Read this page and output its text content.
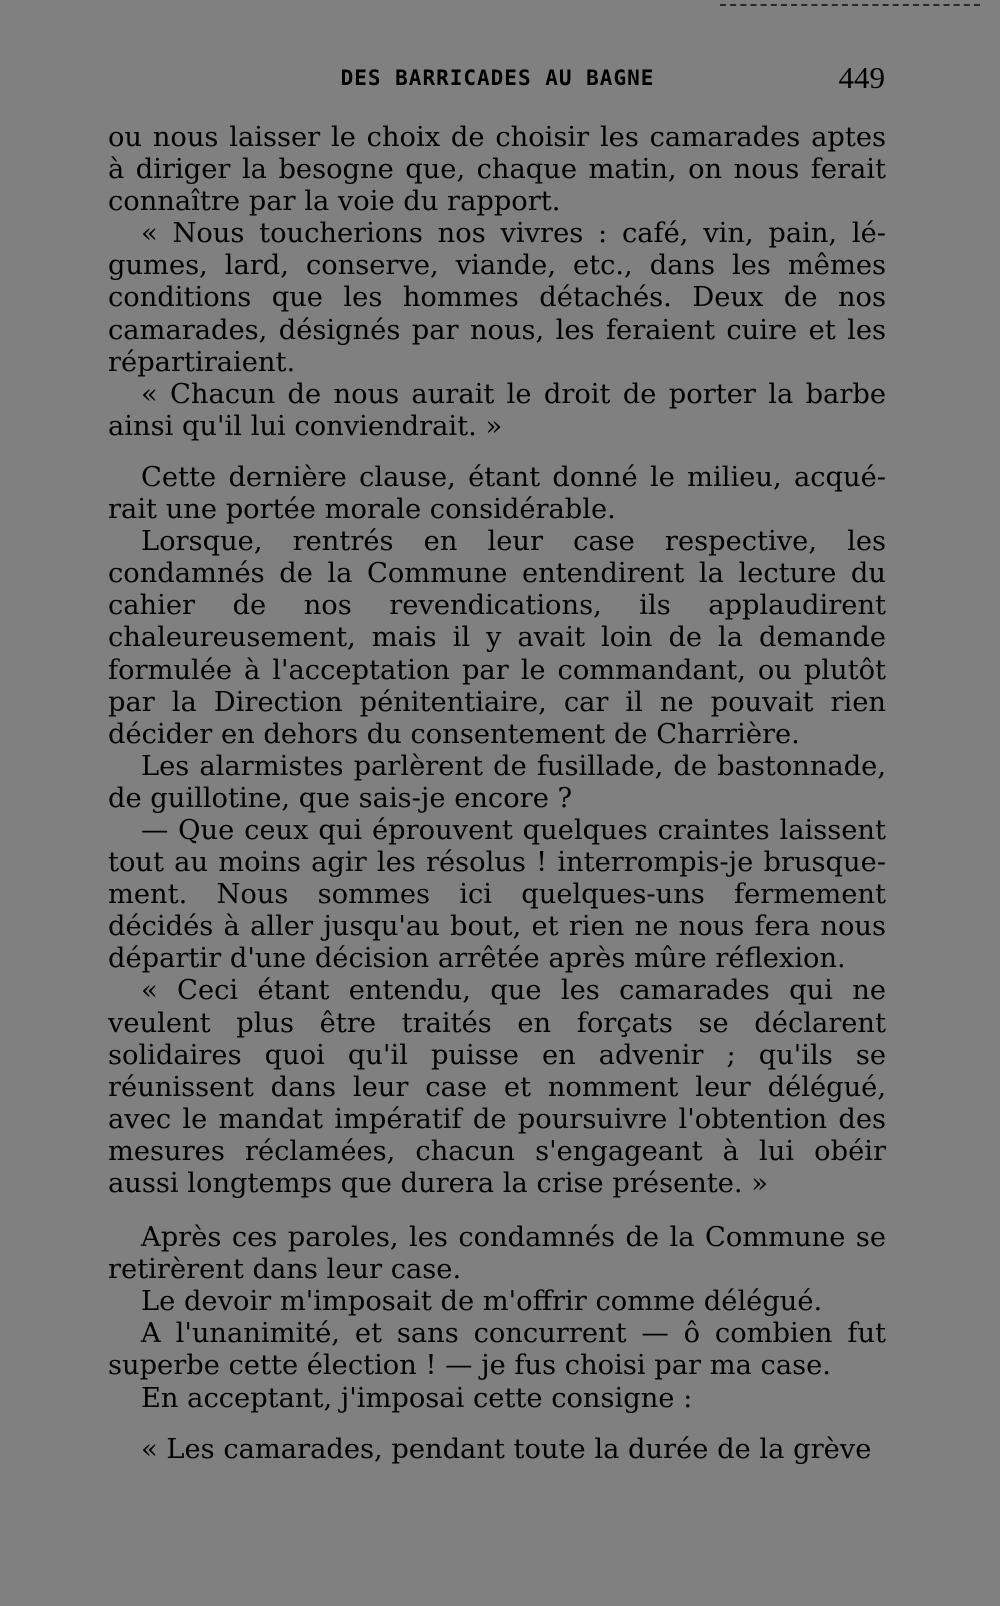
DES BARRICADES AU BAGNE	449

ou nous laisser le choix de choisir les camarades aptes à diriger la besogne que, chaque matin, on nous ferait connaître par la voie du rapport.

« Nous toucherions nos vivres : café, vin, pain, légumes, lard, conserve, viande, etc., dans les mêmes conditions que les hommes détachés. Deux de nos camarades, désignés par nous, les feraient cuire et les répartiraient.

« Chacun de nous aurait le droit de porter la barbe ainsi qu'il lui conviendrait. »

Cette dernière clause, étant donné le milieu, acquérait une portée morale considérable.

Lorsque, rentrés en leur case respective, les condamnés de la Commune entendirent la lecture du cahier de nos revendications, ils applaudirent chaleureusement, mais il y avait loin de la demande formulée à l'acceptation par le commandant, ou plutôt par la Direction pénitentiaire, car il ne pouvait rien décider en dehors du consentement de Charrière.

Les alarmistes parlèrent de fusillade, de bastonnade, de guillotine, que sais-je encore ?

— Que ceux qui éprouvent quelques craintes laissent tout au moins agir les résolus ! interrompis-je brusquement. Nous sommes ici quelques-uns fermement décidés à aller jusqu'au bout, et rien ne nous fera nous départir d'une décision arrêtée après mûre réflexion.

« Ceci étant entendu, que les camarades qui ne veulent plus être traités en forçats se déclarent solidaires quoi qu'il puisse en advenir ; qu'ils se réunissent dans leur case et nomment leur délégué, avec le mandat impératif de poursuivre l'obtention des mesures réclamées, chacun s'engageant à lui obéir aussi longtemps que durera la crise présente. »

Après ces paroles, les condamnés de la Commune se retirèrent dans leur case.

Le devoir m'imposait de m'offrir comme délégué.

A l'unanimité, et sans concurrent — ô combien fut superbe cette élection ! — je fus choisi par ma case.

En acceptant, j'imposai cette consigne :

« Les camarades, pendant toute la durée de la grève
